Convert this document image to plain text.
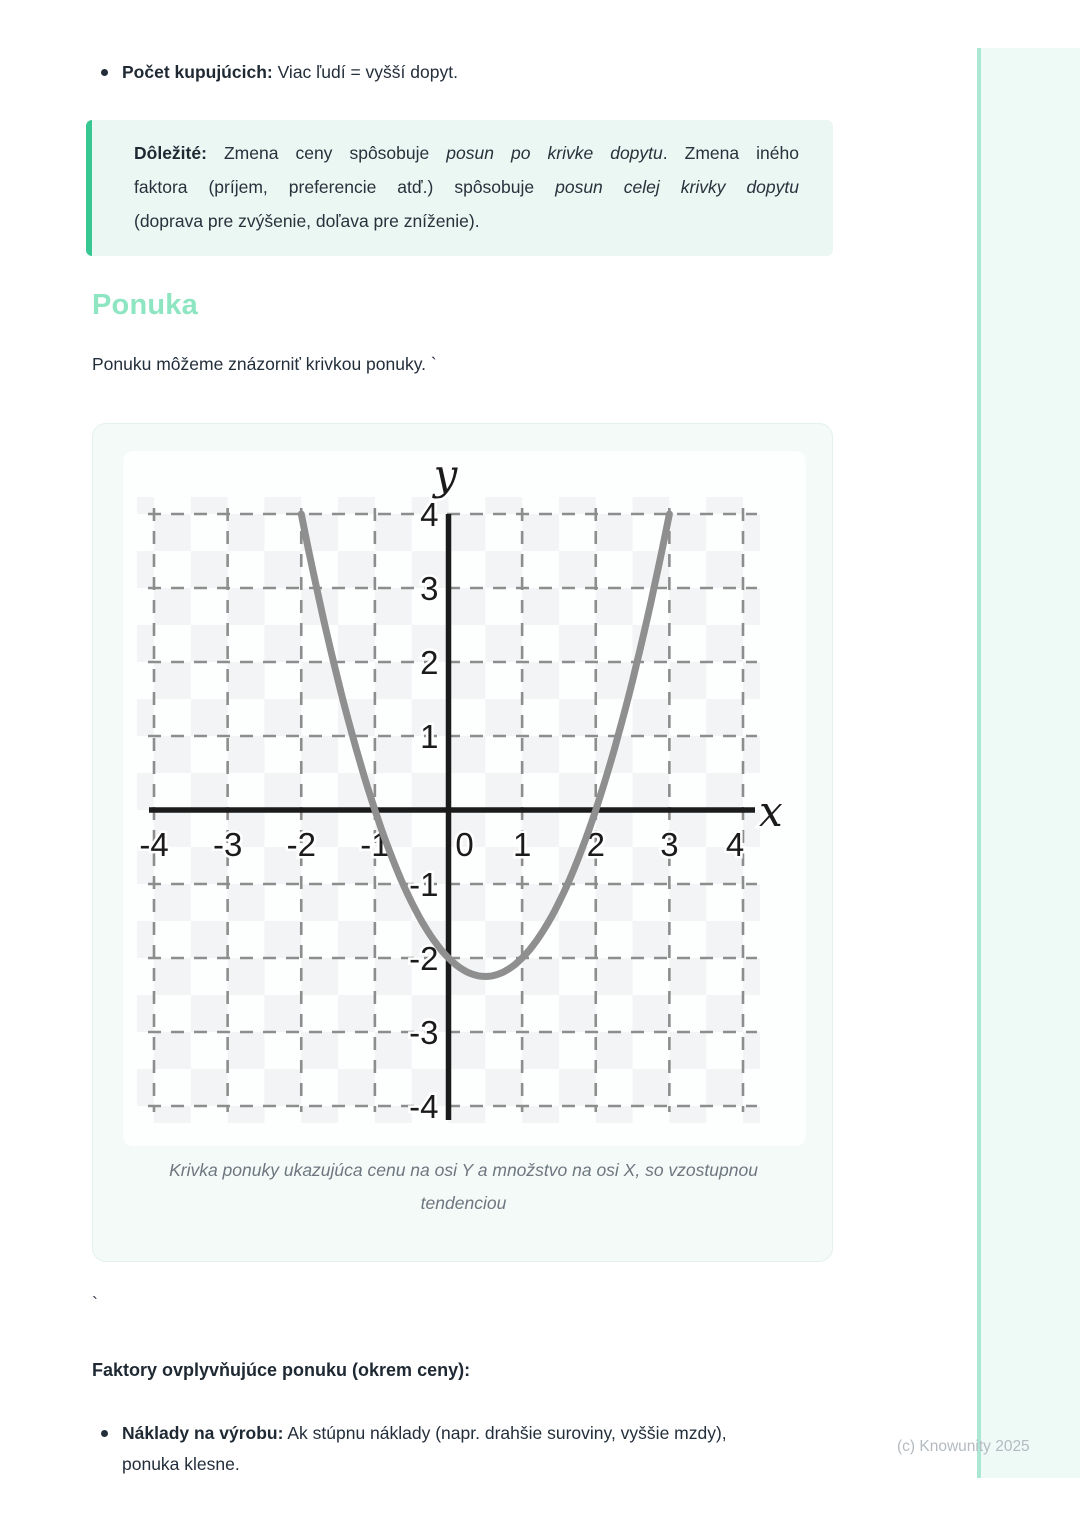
Počet kupujúcich: Viac ľudí = vyšší dopyt.
Dôležité: Zmena ceny spôsobuje posun po krivke dopytu. Zmena iného
faktora (príjem, preferencie atď.) spôsobuje posun celej krivky dopytu
(doprava pre zvýšenie, doľava pre zníženie).
Ponuka
Ponuku môžeme znázorniť krivkou ponuky. `
-4 -3 -2 -1 0 1 2 3 4
4
3
2
1
-1
-2
-3
-4
y
x
Krivka ponuky ukazujúca cenu na osi Y a množstvo na osi X, so vzostupnou tendenciou
`
Faktory ovplyvňujúce ponuku (okrem ceny):
Náklady na výrobu: Ak stúpnu náklady (napr. drahšie suroviny, vyššie mzdy),
ponuka klesne.
(c) Knowunity 2025
